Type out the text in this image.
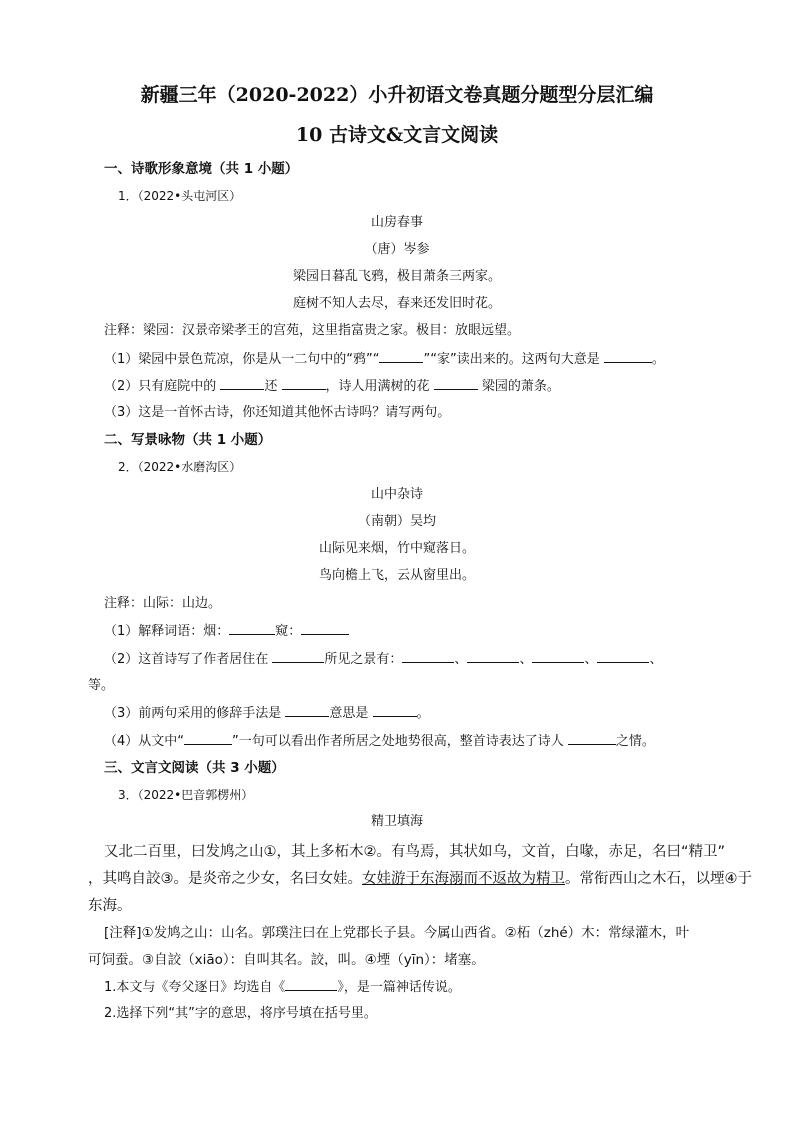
新疆三年（2020-2022）小升初语文卷真题分题型分层汇编
10 古诗文&文言文阅读
一、诗歌形象意境（共 1 小题）
1．（2022•头屯河区）
山房春事
（唐）岑参
梁园日暮乱飞鸦，极目萧条三两家。
庭树不知人去尽，春来还发旧时花。
注释：梁园：汉景帝梁孝王的宫苑，这里指富贵之家。极目：放眼远望。
（1）梁园中景色荒凉，你是从一二句中的“鸦”“	”“家”读出来的。这两句大意是	。
（2）只有庭院中的	还	，诗人用满树的花	梁园的萧条。
（3）这是一首怀古诗，你还知道其他怀古诗吗？请写两句。
二、写景咏物（共 1 小题）
2．（2022•水磨沟区）
山中杂诗
（南朝）吴均
山际见来烟，竹中窥落日。
鸟向檐上飞，云从窗里出。
注释：山际：山边。
（1）解释词语：烟：	窥：
（2）这首诗写了作者居住在	所见之景有：	、	、	、	、
等。
（3）前两句采用的修辞手法是	意思是	。
（4）从文中“	”一句可以看出作者所居之处地势很高，整首诗表达了诗人	之情。
三、文言文阅读（共 3 小题）
3．（2022•巴音郭楞州）
精卫填海
又北二百里，曰发鸠之山①，其上多柘木②。有鸟焉，其状如乌，文首，白喙，赤足，名曰“精卫”
，其鸣自詨③。是炎帝之少女，名曰女娃。女娃游于东海溺而不返故为精卫。常衔西山之木石，以堙④于
东海。
[注释]①发鸠之山：山名。郭璞注曰在上党郡长子县。今属山西省。②柘（zhé）木：常绿灌木，叶
可饲蚕。③自詨（xiāo）：自叫其名。詨，叫。④堙（yīn）：堵塞。
1.本文与《夸父逐日》均选自《	》，是一篇神话传说。
2.选择下列“其”字的意思，将序号填在括号里。
